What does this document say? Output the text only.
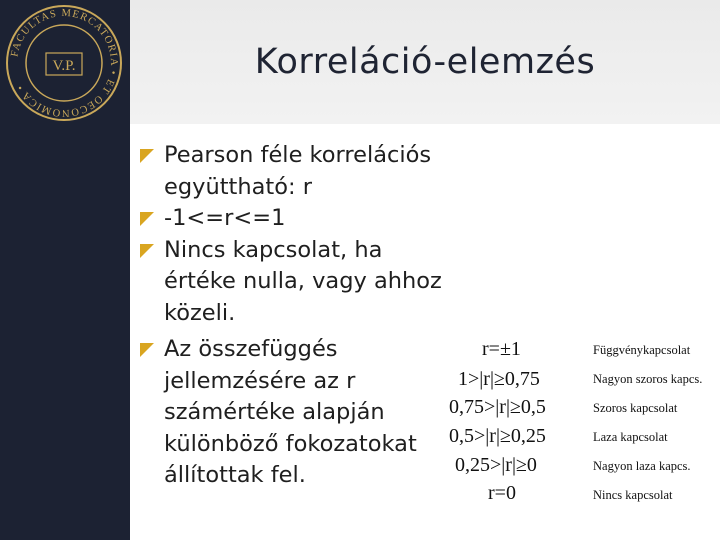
FACULTAS MERCATORIA • ET OECONOMICA •
V.P.	Korreláció-elemzés
Pearson féle korrelációs együttható: r
-1<=r<=1
Nincs kapcsolat, ha értéke nulla, vagy ahhoz közeli.
Az összefüggés jellemzésére az r számértéke alapján különböző fokozatokat állítottak fel.
r=±1
1>|r|≥0,75
0,75>|r|≥0,5
0,5>|r|≥0,25
0,25>|r|≥0
r=0
Függvénykapcsolat
Nagyon szoros kapcs.
Szoros kapcsolat
Laza kapcsolat
Nagyon laza kapcs.
Nincs kapcsolat
